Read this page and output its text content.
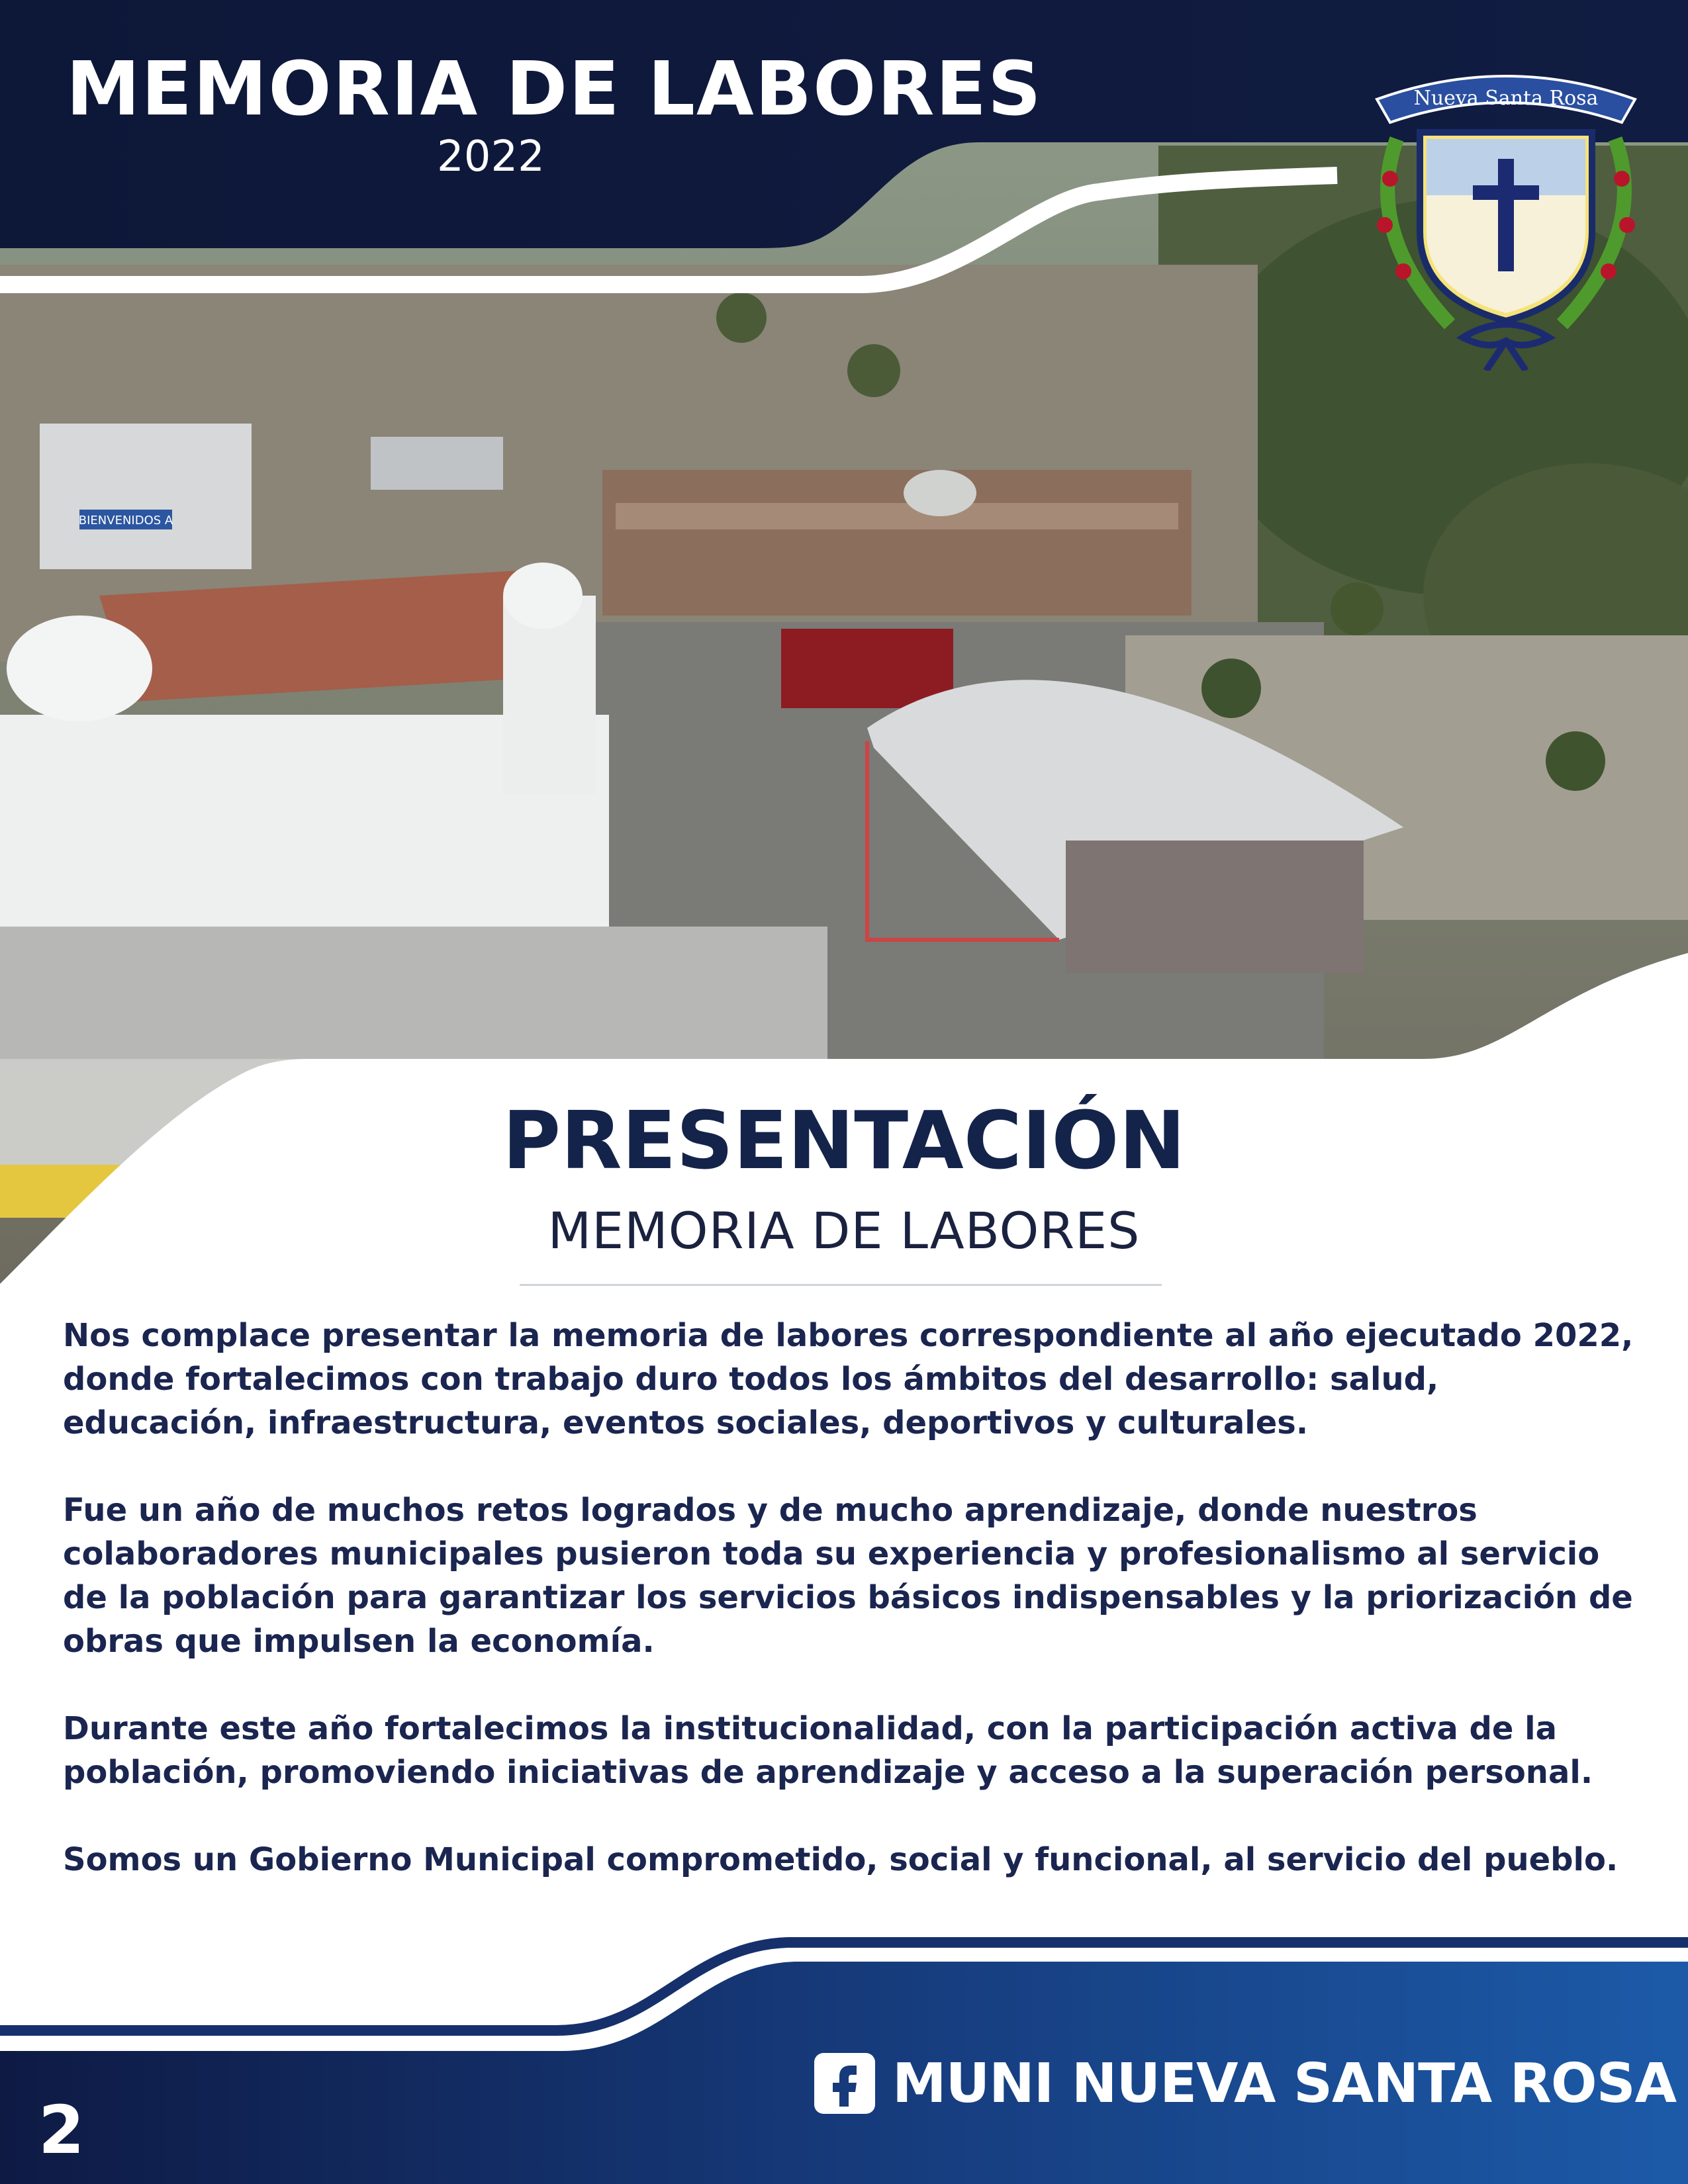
BIENVENIDOS A
MEMORIA DE LABORES
2022
Nueva Santa Rosa
PRESENTACIÓN
MEMORIA DE LABORES

Nos complace presentar la memoria de labores correspondiente al año ejecutado 2022, donde fortalecimos con trabajo duro todos los ámbitos del desarrollo: salud, educación, infraestructura, eventos sociales, deportivos y culturales.

Fue un año de muchos retos logrados y de mucho aprendizaje, donde nuestros colaboradores municipales pusieron toda su experiencia y profesionalismo al servicio de la población para garantizar los servicios básicos indispensables y la priorización de obras que impulsen la economía.

Durante este año fortalecimos la institucionalidad, con la participación activa de la población, promoviendo iniciativas de aprendizaje y acceso a la superación personal.

Somos un Gobierno Municipal comprometido, social y funcional, al servicio del pueblo.

MUNI NUEVA SANTA ROSA
2
